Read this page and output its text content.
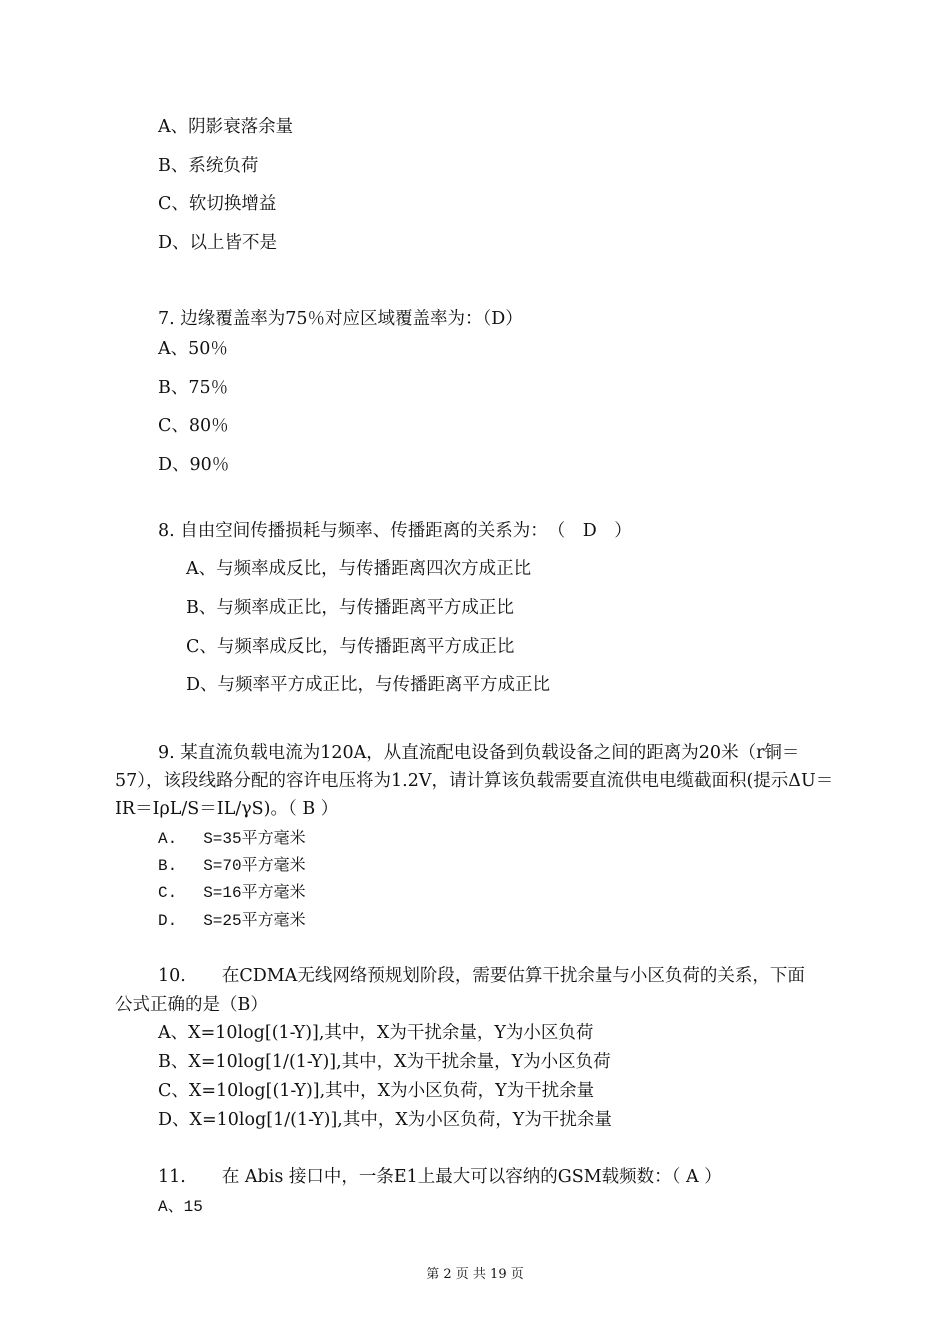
A、阴影衰落余量
B、系统负荷
C、软切换增益
D、以上皆不是
7. 边缘覆盖率为75％对应区域覆盖率为：（D）
A、50％
B、75％
C、80％
D、90％
8. 自由空间传播损耗与频率、传播距离的关系为：　（　D　）
A、与频率成反比，与传播距离四次方成正比
B、与频率成正比，与传播距离平方成正比
C、与频率成反比，与传播距离平方成正比
D、与频率平方成正比，与传播距离平方成正比
9. 某直流负载电流为120A，从直流配电设备到负载设备之间的距离为20米（r铜＝57），该段线路分配的容许电压将为1.2V，请计算该负载需要直流供电电缆截面积(提示ΔU＝IR＝IρL/S＝IL/γS)。（ B ）
A. S=35平方毫米
B. S=70平方毫米
C. S=16平方毫米
D. S=25平方毫米
10. 在CDMA无线网络预规划阶段，需要估算干扰余量与小区负荷的关系，下面
公式正确的是（B）
A、X=10log[(1-Y)],其中，X为干扰余量，Y为小区负荷
B、X=10log[1/(1-Y)],其中，X为干扰余量，Y为小区负荷
C、X=10log[(1-Y)],其中，X为小区负荷，Y为干扰余量
D、X=10log[1/(1-Y)],其中，X为小区负荷，Y为干扰余量
11. 在 Abis 接口中，一条E1上最大可以容纳的GSM载频数：（ A ）
A、15
第 2 页 共 19 页
